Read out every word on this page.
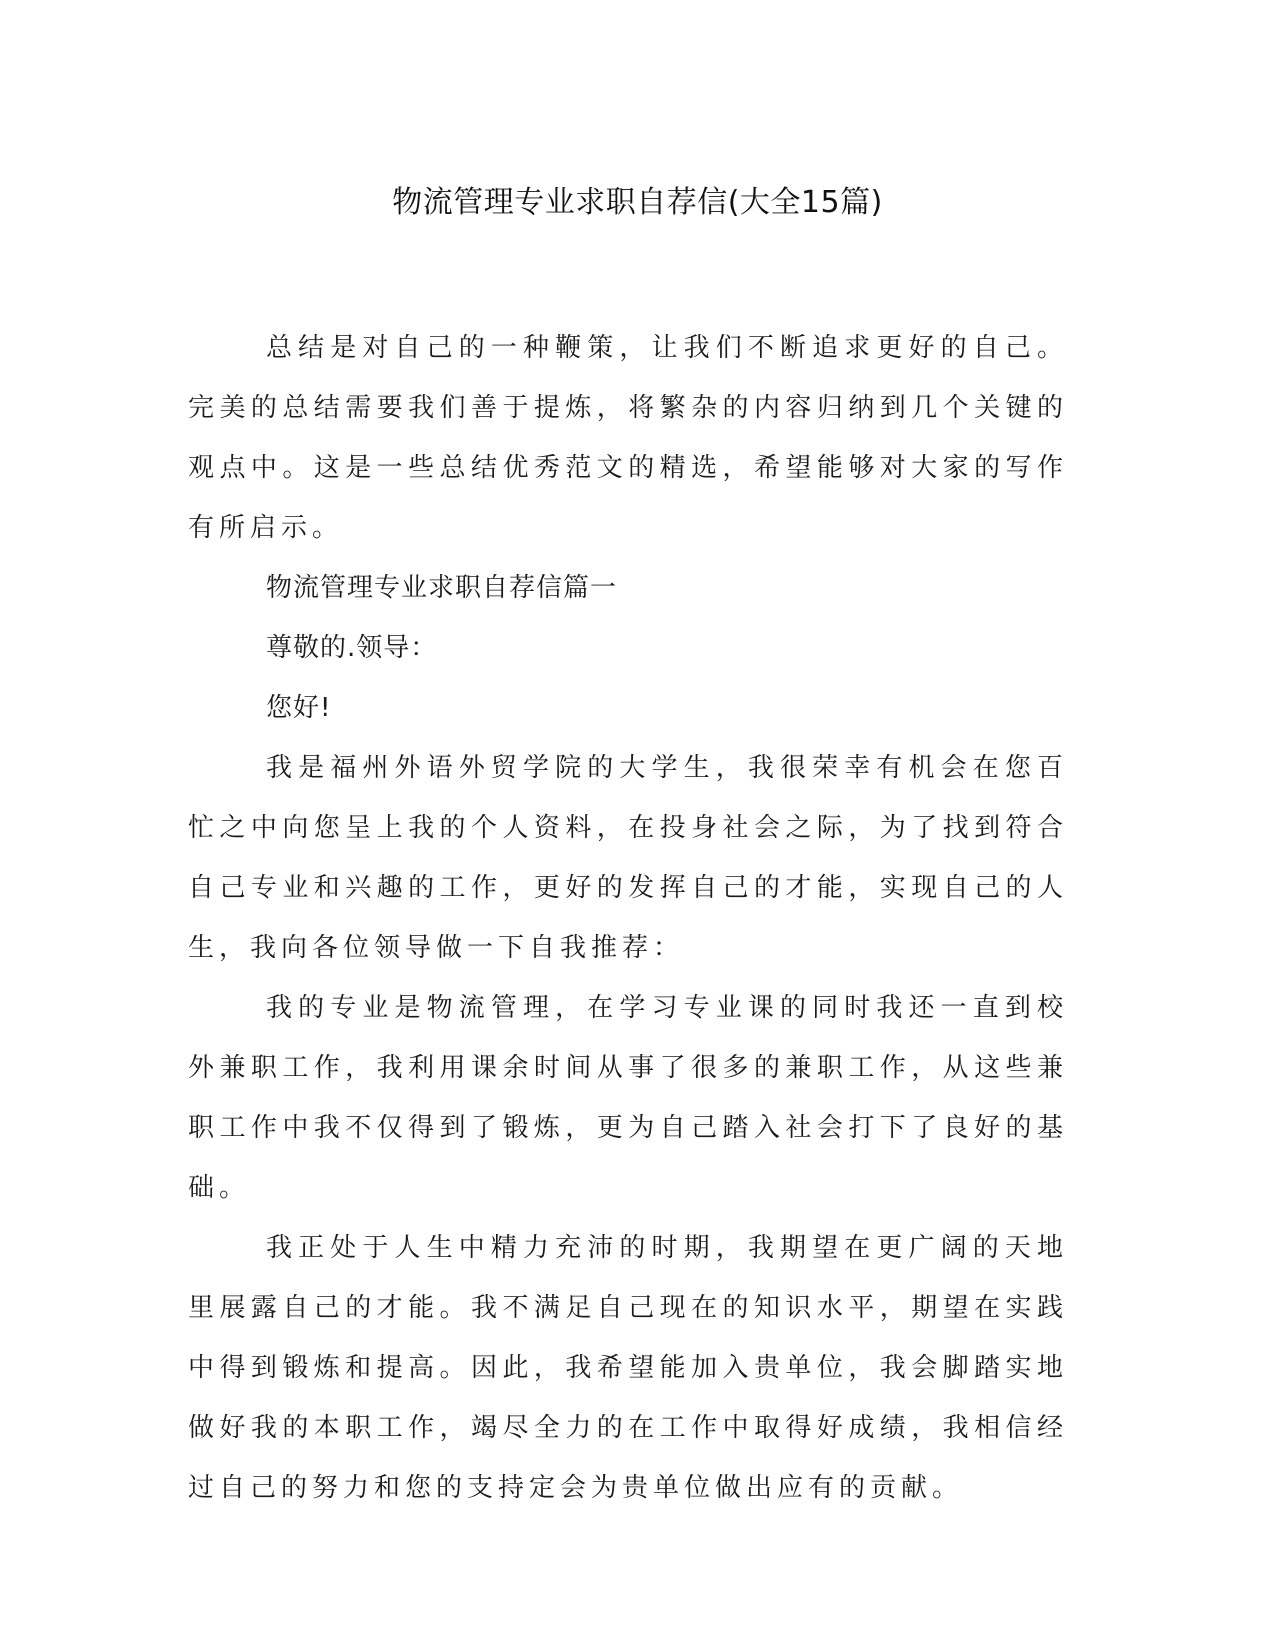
物流管理专业求职自荐信(大全15篇)

总结是对自己的一种鞭策，让我们不断追求更好的自己。完美的总结需要我们善于提炼，将繁杂的内容归纳到几个关键的观点中。这是一些总结优秀范文的精选，希望能够对大家的写作有所启示。

物流管理专业求职自荐信篇一

尊敬的.领导：

您好!

我是福州外语外贸学院的大学生，我很荣幸有机会在您百忙之中向您呈上我的个人资料，在投身社会之际，为了找到符合自己专业和兴趣的工作，更好的发挥自己的才能，实现自己的人生，我向各位领导做一下自我推荐：

我的专业是物流管理，在学习专业课的同时我还一直到校外兼职工作，我利用课余时间从事了很多的兼职工作，从这些兼职工作中我不仅得到了锻炼，更为自己踏入社会打下了良好的基础。

我正处于人生中精力充沛的时期，我期望在更广阔的天地里展露自己的才能。我不满足自己现在的知识水平，期望在实践中得到锻炼和提高。因此，我希望能加入贵单位，我会脚踏实地做好我的本职工作，竭尽全力的在工作中取得好成绩，我相信经过自己的努力和您的支持定会为贵单位做出应有的贡献。
